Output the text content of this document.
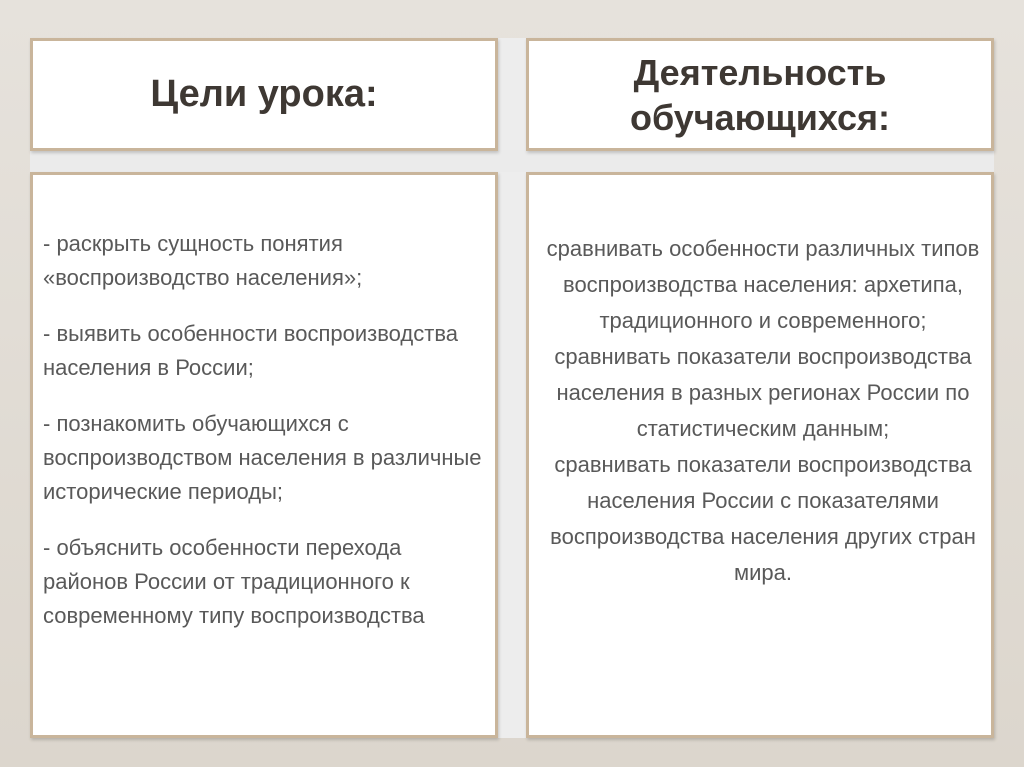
Цели урока:
Деятельность обучающихся:

- раскрыть сущность понятия «воспроизводство населения»;

- выявить особенности воспроизводства населения в России;

- познакомить обучающихся с воспроизводством населения в различные исторические периоды;

- объяснить особенности перехода районов России от традиционного к современному типу воспроизводства

сравнивать особенности различных типов воспроизводства населения: архетипа, традиционного и современного;

сравнивать показатели воспроизводства населения в разных регионах России по статистическим данным;

сравнивать показатели воспроизводства населения России с показателями воспроизводства населения других стран мира.
